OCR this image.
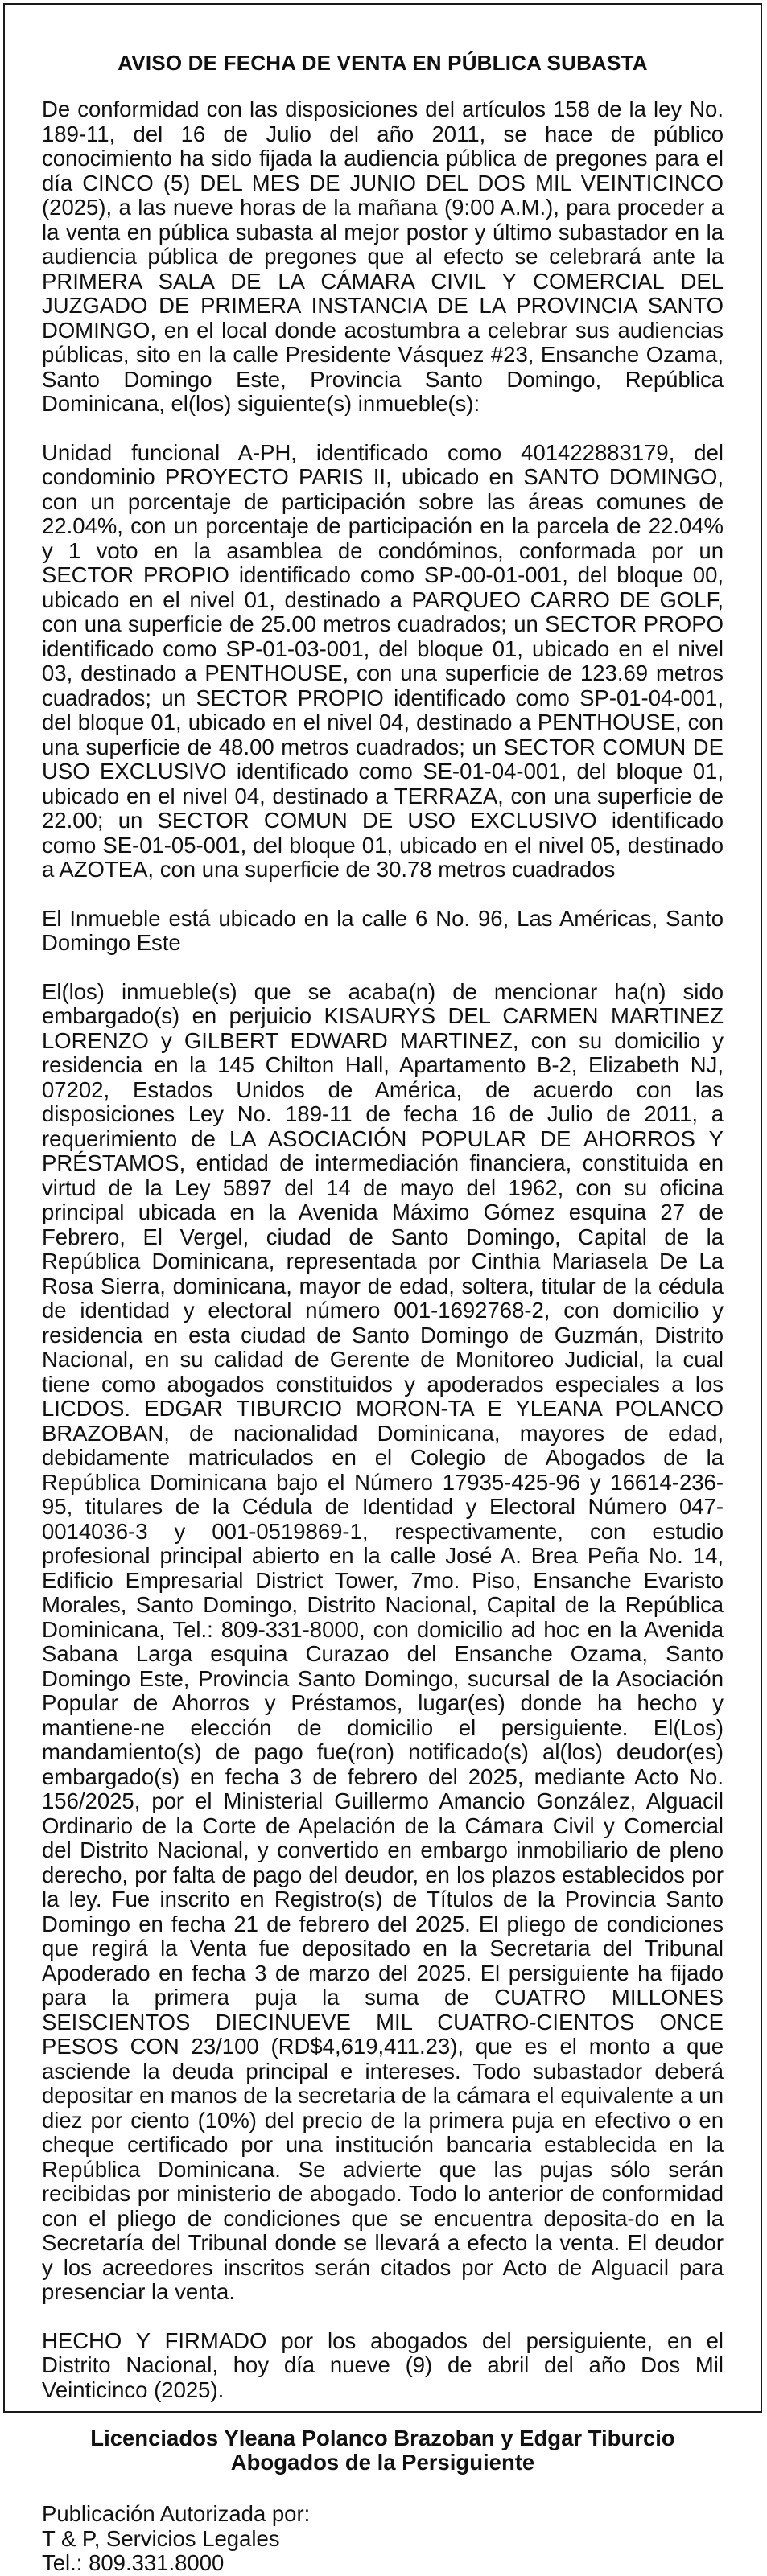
AVISO DE FECHA DE VENTA EN PÚBLICA SUBASTA

De conformidad con las disposiciones del artículos 158 de la ley No. 189-11, del 16 de Julio del año 2011, se hace de público conocimiento ha sido fijada la audiencia pública de pregones para el día CINCO (5) DEL MES DE JUNIO DEL DOS MIL VEINTICINCO (2025), a las nueve horas de la mañana (9:00 A.M.), para proceder a la venta en pública subasta al mejor postor y último subastador en la audiencia pública de pregones que al efecto se celebrará ante la PRIMERA SALA DE LA CÁMARA CIVIL Y COMERCIAL DEL JUZGADO DE PRIMERA INSTANCIA DE LA PROVINCIA SANTO DOMINGO, en el local donde acostumbra a celebrar sus audiencias públicas, sito en la calle Presidente Vásquez #23, Ensanche Ozama, Santo Domingo Este, Provincia Santo Domingo, República Dominicana, el(los) siguiente(s) inmueble(s):

Unidad funcional A-PH, identificado como 401422883179, del condominio PROYECTO PARIS II, ubicado en SANTO DOMINGO, con un porcentaje de participación sobre las áreas comunes de 22.04%, con un porcentaje de participación en la parcela de 22.04% y 1 voto en la asamblea de condóminos, conformada por un SECTOR PROPIO identificado como SP-00-01-001, del bloque 00, ubicado en el nivel 01, destinado a PARQUEO CARRO DE GOLF, con una superficie de 25.00 metros cuadrados; un SECTOR PROPO identificado como SP-01-03-001, del bloque 01, ubicado en el nivel 03, destinado a PENTHOUSE, con una superficie de 123.69 metros cuadrados; un SECTOR PROPIO identificado como SP-01-04-001, del bloque 01, ubicado en el nivel 04, destinado a PENTHOUSE, con una superficie de 48.00 metros cuadrados; un SECTOR COMUN DE USO EXCLUSIVO identificado como SE-01-04-001, del bloque 01, ubicado en el nivel 04, destinado a TERRAZA, con una superficie de 22.00; un SECTOR COMUN DE USO EXCLUSIVO identificado como SE-01-05-001, del bloque 01, ubicado en el nivel 05, destinado a AZOTEA, con una superficie de 30.78 metros cuadrados

El Inmueble está ubicado en la calle 6 No. 96, Las Américas, Santo Domingo Este

El(los) inmueble(s) que se acaba(n) de mencionar ha(n) sido embargado(s) en perjuicio KISAURYS DEL CARMEN MARTINEZ LORENZO y GILBERT EDWARD MARTINEZ, con su domicilio y residencia en la 145 Chilton Hall, Apartamento B-2, Elizabeth NJ, 07202, Estados Unidos de América, de acuerdo con las disposiciones Ley No. 189-11 de fecha 16 de Julio de 2011, a requerimiento de LA ASOCIACIÓN POPULAR DE AHORROS Y PRÉSTAMOS, entidad de intermediación financiera, constituida en virtud de la Ley 5897 del 14 de mayo del 1962, con su oficina principal ubicada en la Avenida Máximo Gómez esquina 27 de Febrero, El Vergel, ciudad de Santo Domingo, Capital de la República Dominicana, representada por Cinthia Mariasela De La Rosa Sierra, dominicana, mayor de edad, soltera, titular de la cédula de identidad y electoral número 001-1692768-2, con domicilio y residencia en esta ciudad de Santo Domingo de Guzmán, Distrito Nacional, en su calidad de Gerente de Monitoreo Judicial, la cual tiene como abogados constituidos y apoderados especiales a los LICDOS. EDGAR TIBURCIO MORON-TA E YLEANA POLANCO BRAZOBAN, de nacionalidad Dominicana, mayores de edad, debidamente matriculados en el Colegio de Abogados de la República Dominicana bajo el Número 17935-425-96 y 16614-236-95, titulares de la Cédula de Identidad y Electoral Número 047-0014036-3 y 001-0519869-1, respectivamente, con estudio profesional principal abierto en la calle José A. Brea Peña No. 14, Edificio Empresarial District Tower, 7mo. Piso, Ensanche Evaristo Morales, Santo Domingo, Distrito Nacional, Capital de la República Dominicana, Tel.: 809-331-8000, con domicilio ad hoc en la Avenida Sabana Larga esquina Curazao del Ensanche Ozama, Santo Domingo Este, Provincia Santo Domingo, sucursal de la Asociación Popular de Ahorros y Préstamos, lugar(es) donde ha hecho y mantiene-ne elección de domicilio el persiguiente. El(Los) mandamiento(s) de pago fue(ron) notificado(s) al(los) deudor(es) embargado(s) en fecha 3 de febrero del 2025, mediante Acto No. 156/2025, por el Ministerial Guillermo Amancio González, Alguacil Ordinario de la Corte de Apelación de la Cámara Civil y Comercial del Distrito Nacional, y convertido en embargo inmobiliario de pleno derecho, por falta de pago del deudor, en los plazos establecidos por la ley. Fue inscrito en Registro(s) de Títulos de la Provincia Santo Domingo en fecha 21 de febrero del 2025. El pliego de condiciones que regirá la Venta fue depositado en la Secretaria del Tribunal Apoderado en fecha 3 de marzo del 2025. El persiguiente ha fijado para la primera puja la suma de CUATRO MILLONES SEISCIENTOS DIECINUEVE MIL CUATRO-CIENTOS ONCE PESOS CON 23/100 (RD$4,619,411.23), que es el monto a que asciende la deuda principal e intereses. Todo subastador deberá depositar en manos de la secretaria de la cámara el equivalente a un diez por ciento (10%) del precio de la primera puja en efectivo o en cheque certificado por una institución bancaria establecida en la República Dominicana. Se advierte que las pujas sólo serán recibidas por ministerio de abogado. Todo lo anterior de conformidad con el pliego de condiciones que se encuentra deposita-do en la Secretaría del Tribunal donde se llevará a efecto la venta. El deudor y los acreedores inscritos serán citados por Acto de Alguacil para presenciar la venta.

HECHO Y FIRMADO por los abogados del persiguiente, en el Distrito Nacional, hoy día nueve (9) de abril del año Dos Mil Veinticinco (2025).

Licenciados Yleana Polanco Brazoban y Edgar Tiburcio
Abogados de la Persiguiente
Publicación Autorizada por:
T & P, Servicios Legales
Tel.: 809.331.8000
